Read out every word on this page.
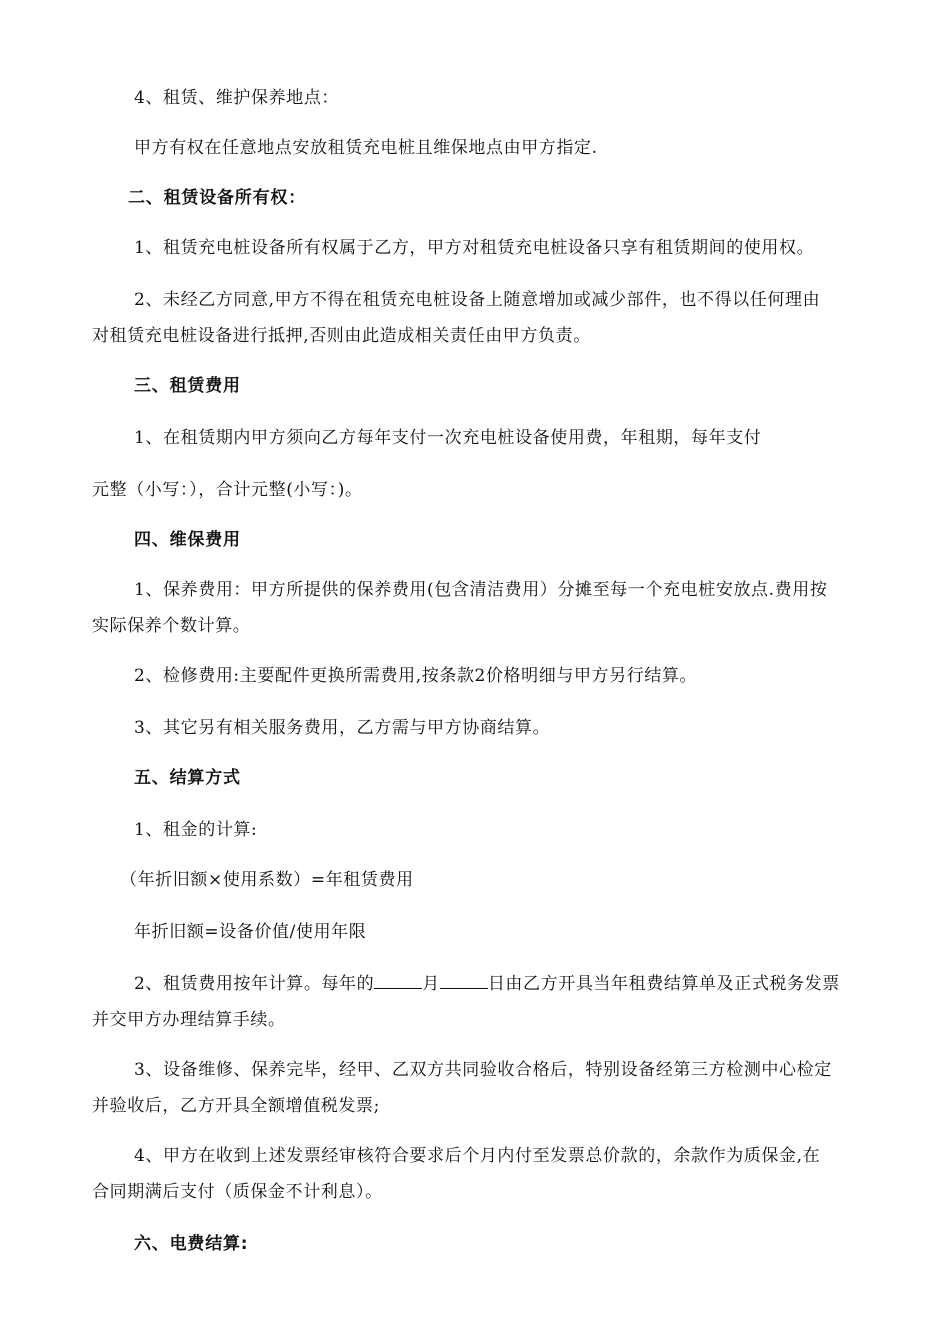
4、租赁、维护保养地点：

甲方有权在任意地点安放租赁充电桩且维保地点由甲方指定.

二、租赁设备所有权：

1、租赁充电桩设备所有权属于乙方，甲方对租赁充电桩设备只享有租赁期间的使用权。

2、未经乙方同意,甲方不得在租赁充电桩设备上随意增加或减少部件，也不得以任何理由

对租赁充电桩设备进行抵押,否则由此造成相关责任由甲方负责。

三、租赁费用

1、在租赁期内甲方须向乙方每年支付一次充电桩设备使用费，年租期，每年支付

元整（小写：），合计元整(小写：)。

四、维保费用

1、保养费用：甲方所提供的保养费用(包含清洁费用）分摊至每一个充电桩安放点.费用按

实际保养个数计算。

2、检修费用:主要配件更换所需费用,按条款2价格明细与甲方另行结算。

3、其它另有相关服务费用，乙方需与甲方协商结算。

五、结算方式

1、租金的计算:

（年折旧额×使用系数）=年租赁费用

年折旧额=设备价值/使用年限

2、租赁费用按年计算。每年的	月	日由乙方开具当年租费结算单及正式税务发票

并交甲方办理结算手续。

3、设备维修、保养完毕，经甲、乙双方共同验收合格后，特别设备经第三方检测中心检定

并验收后，乙方开具全额增值税发票;

4、甲方在收到上述发票经审核符合要求后个月内付至发票总价款的，余款作为质保金,在

合同期满后支付（质保金不计利息）。

六、电费结算:
